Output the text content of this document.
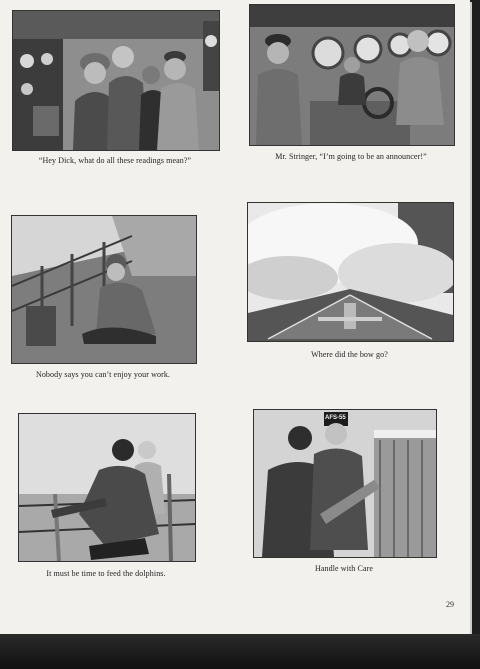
“Hey Dick, what do all these readings mean?”	Mr. Stringer, “I’m going to be an announcer!”
Nobody says you can’t enjoy your work.
Where did the bow go?
It must be time to feed the dolphins.
AFS-55
Handle with Care
29
